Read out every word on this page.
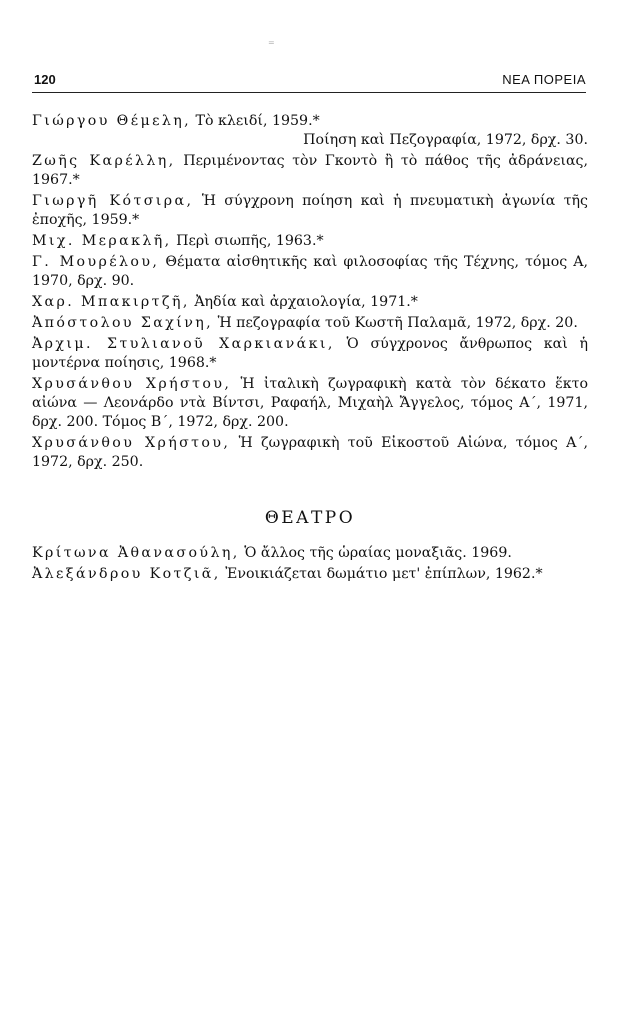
=
120	ΝΕΑ ΠΟΡΕΙΑ
Γιώργου Θέμελη, Τὸ κλειδί, 1959.*
Ποίηση καὶ Πεζογραφία, 1972, δρχ. 30.
Ζωῆς Καρέλλη, Περιμένοντας τὸν Γκοντὸ ἢ τὸ πάθος τῆς ἀδράνειας, 1967.*
Γιωργῆ Κότσιρα, Ἡ σύγχρονη ποίηση καὶ ἡ πνευματικὴ ἀγωνία τῆς ἐποχῆς, 1959.*
Μιχ. Μερακλῆ, Περὶ σιωπῆς, 1963.*
Γ. Μουρέλου, Θέματα αἰσθητικῆς καὶ φιλοσοφίας τῆς Τέχνης, τόμος Α, 1970, δρχ. 90.
Χαρ. Μπακιρτζῆ, Ἀηδία καὶ ἀρχαιολογία, 1971.*
Ἀπόστολου Σαχίνη, Ἡ πεζογραφία τοῦ Κωστῆ Παλαμᾶ, 1972, δρχ. 20.
Ἀρχιμ. Στυλιανοῦ Χαρκιανάκι, Ὁ σύγχρονος ἄνθρωπος καὶ ἡ μοντέρνα ποίησις, 1968.*
Χρυσάνθου Χρήστου, Ἡ ἰταλικὴ ζωγραφικὴ κατὰ τὸν δέκατο ἕκτο αἰώνα — Λεονάρδο ντὰ Βίντσι, Ραφαήλ, Μιχαὴλ Ἄγγελος, τόμος Α΄, 1971, δρχ. 200. Τόμος Β΄, 1972, δρχ. 200.
Χρυσάνθου Χρήστου, Ἡ ζωγραφικὴ τοῦ Εἰκοστοῦ Αἰώνα, τόμος Α΄, 1972, δρχ. 250.
ΘΕΑΤΡΟ
Κρίτωνα Ἀθανασούλη, Ὁ ἄλλος τῆς ὡραίας μοναξιᾶς. 1969.
Ἀλεξάνδρου Κοτζιᾶ, Ἐνοικιάζεται δωμάτιο μετ' ἐπίπλων, 1962.*
